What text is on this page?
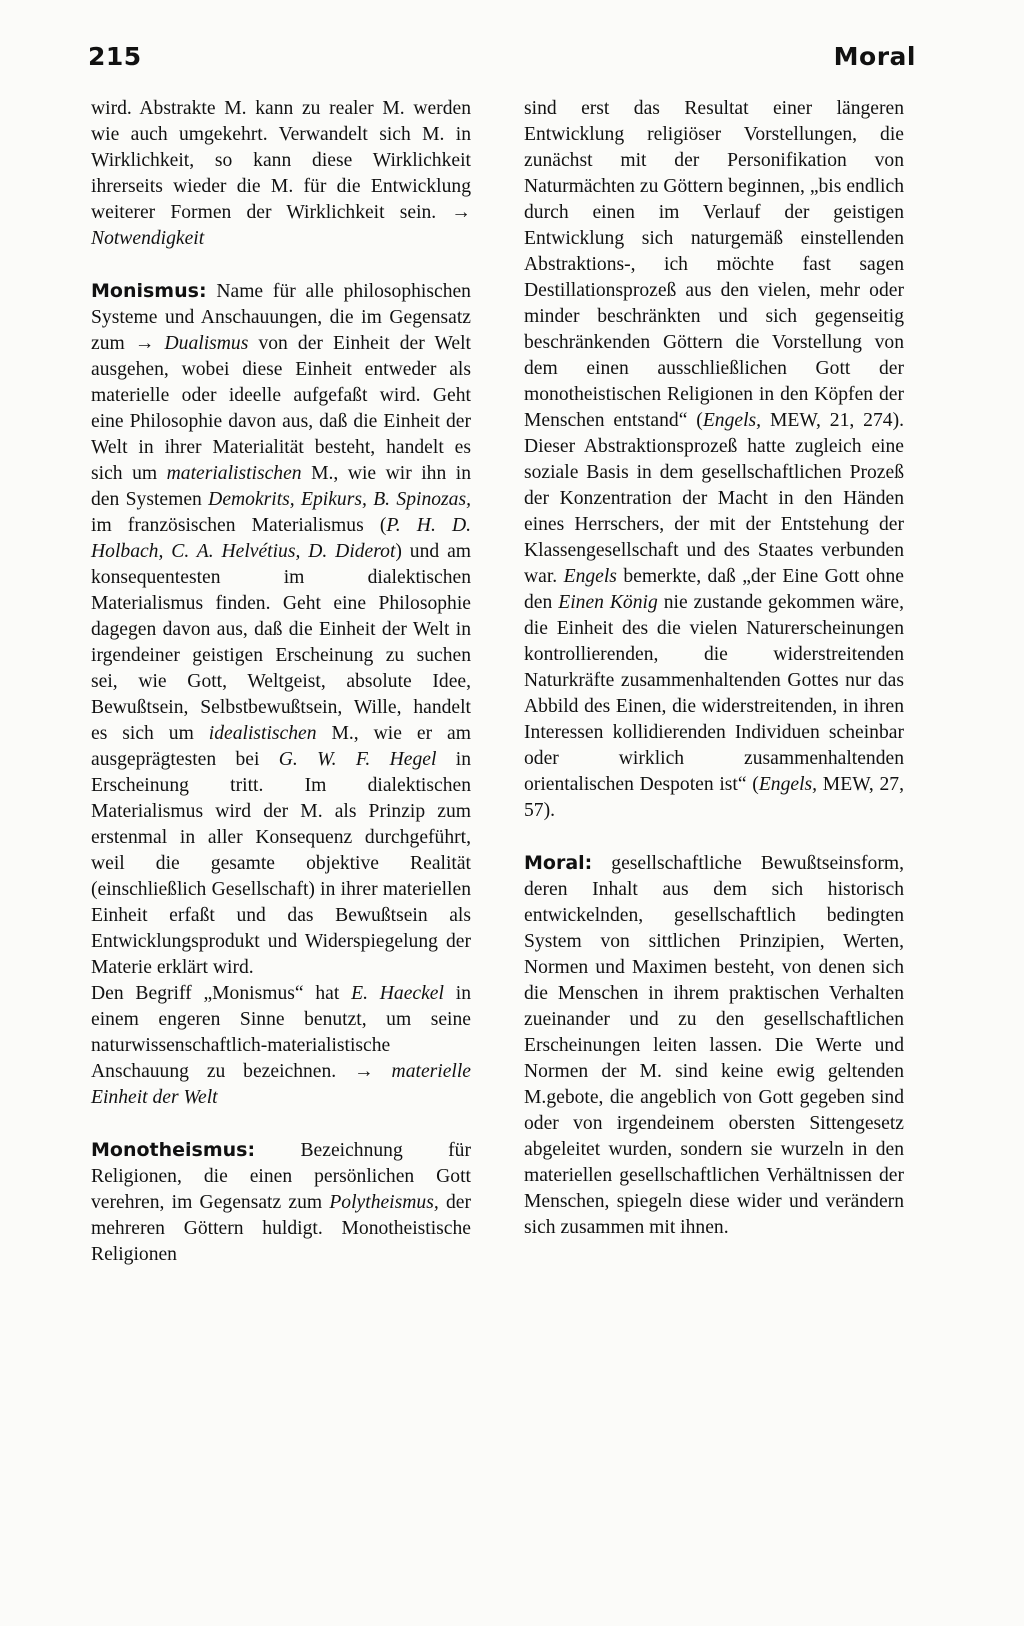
215	Moral

wird. Abstrakte M. kann zu realer M. werden wie auch umgekehrt. Verwandelt sich M. in Wirklichkeit, so kann diese Wirklichkeit ihrerseits wieder die M. für die Entwicklung weiterer Formen der Wirklichkeit sein. → Notwendigkeit

Monismus: Name für alle philosophischen Systeme und Anschauungen, die im Gegensatz zum → Dualismus von der Einheit der Welt ausgehen, wobei diese Einheit entweder als materielle oder ideelle aufgefaßt wird. Geht eine Philosophie davon aus, daß die Einheit der Welt in ihrer Materialität besteht, handelt es sich um materialistischen M., wie wir ihn in den Systemen Demokrits, Epikurs, B. Spinozas, im französischen Materialismus (P. H. D. Holbach, C. A. Helvétius, D. Diderot) und am konsequentesten im dialektischen Materialismus finden. Geht eine Philosophie dagegen davon aus, daß die Einheit der Welt in irgendeiner geistigen Erscheinung zu suchen sei, wie Gott, Weltgeist, absolute Idee, Bewußtsein, Selbstbewußtsein, Wille, handelt es sich um idealistischen M., wie er am ausgeprägtesten bei G. W. F. Hegel in Erscheinung tritt. Im dialektischen Materialismus wird der M. als Prinzip zum erstenmal in aller Konsequenz durchgeführt, weil die gesamte objektive Realität (einschließlich Gesellschaft) in ihrer materiellen Einheit erfaßt und das Bewußtsein als Entwicklungsprodukt und Widerspiegelung der Materie erklärt wird.

Den Begriff „Monismus“ hat E. Haeckel in einem engeren Sinne benutzt, um seine naturwissenschaftlich-materialistische Anschauung zu bezeichnen. → materielle Einheit der Welt

Monotheismus: Bezeichnung für Religionen, die einen persönlichen Gott verehren, im Gegensatz zum Polytheismus, der mehreren Göttern huldigt. Monotheistische Religionen

sind erst das Resultat einer längeren Entwicklung religiöser Vorstellungen, die zunächst mit der Personifikation von Naturmächten zu Göttern beginnen, „bis endlich durch einen im Verlauf der geistigen Entwicklung sich naturgemäß einstellenden Abstraktions-, ich möchte fast sagen Destillationsprozeß aus den vielen, mehr oder minder beschränkten und sich gegenseitig beschränkenden Göttern die Vorstellung von dem einen ausschließlichen Gott der monotheistischen Religionen in den Köpfen der Menschen entstand“ (Engels, MEW, 21, 274). Dieser Abstraktionsprozeß hatte zugleich eine soziale Basis in dem gesellschaftlichen Prozeß der Konzentration der Macht in den Händen eines Herrschers, der mit der Entstehung der Klassengesellschaft und des Staates verbunden war. Engels bemerkte, daß „der Eine Gott ohne den Einen König nie zustande gekommen wäre, die Einheit des die vielen Naturerscheinungen kontrollierenden, die widerstreitenden Naturkräfte zusammenhaltenden Gottes nur das Abbild des Einen, die widerstreitenden, in ihren Interessen kollidierenden Individuen scheinbar oder wirklich zusammenhaltenden orientalischen Despoten ist“ (Engels, MEW, 27, 57).

Moral: gesellschaftliche Bewußtseinsform, deren Inhalt aus dem sich historisch entwickelnden, gesellschaftlich bedingten System von sittlichen Prinzipien, Werten, Normen und Maximen besteht, von denen sich die Menschen in ihrem praktischen Verhalten zueinander und zu den gesellschaftlichen Erscheinungen leiten lassen. Die Werte und Normen der M. sind keine ewig geltenden M.gebote, die angeblich von Gott gegeben sind oder von irgendeinem obersten Sittengesetz abgeleitet wurden, sondern sie wurzeln in den materiellen gesellschaftlichen Verhältnissen der Menschen, spiegeln diese wider und verändern sich zusammen mit ihnen.
